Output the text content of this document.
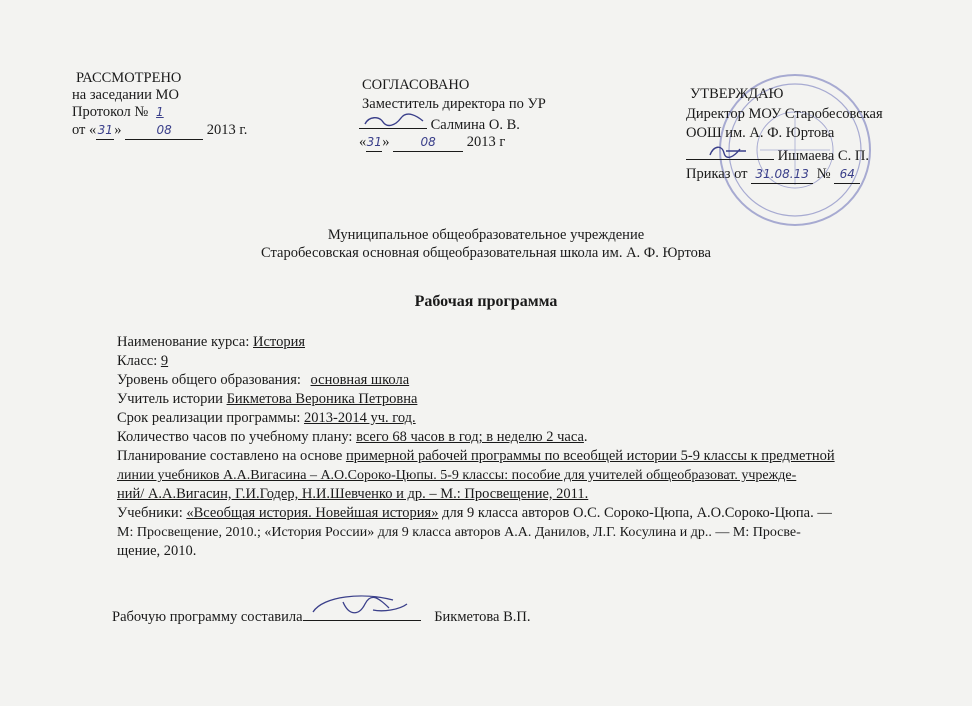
РАССМОТРЕНО
на заседании МО
Протокол № 1
от «31»	08 2013 г.
СОГЛАСОВАНО
Заместитель директора по УР
Салмина О. В.
«31» 08 2013 г
УТВЕРЖДАЮ
Директор МОУ Старобесовская
ООШ им. А. Ф. Юртова
Ишмаева С. П.
Приказ от 31.08.13 № 64
Муниципальное общеобразовательное учреждение
Старобесовская основная общеобразовательная школа им. А. Ф. Юртова
Рабочая программа
Наименование курса: История
Класс: 9
Уровень общего образования: основная школа
Учитель истории Бикметова Вероника Петровна
Срок реализации программы: 2013-2014 уч. год.
Количество часов по учебному плану: всего 68 часов в год; в неделю 2 часа.
Планирование составлено на основе примерной рабочей программы по всеобщей истории 5-9 классы к предметной
линии учебников А.А.Вигасина – А.О.Сороко-Цюпы. 5-9 классы: пособие для учителей общеобразоват. учрежде-
ний/ А.А.Вигасин, Г.И.Годер, Н.И.Шевченко и др. – М.: Просвещение, 2011.
Учебники: «Всеобщая история. Новейшая история» для 9 класса авторов О.С. Сороко-Цюпа, А.О.Сороко-Цюпа. —
М: Просвещение, 2010.; «История России» для 9 класса авторов А.А. Данилов, Л.Г. Косулина и др.. — М: Просве-
щение, 2010.
Рабочую программу составила	Бикметова В.П.
